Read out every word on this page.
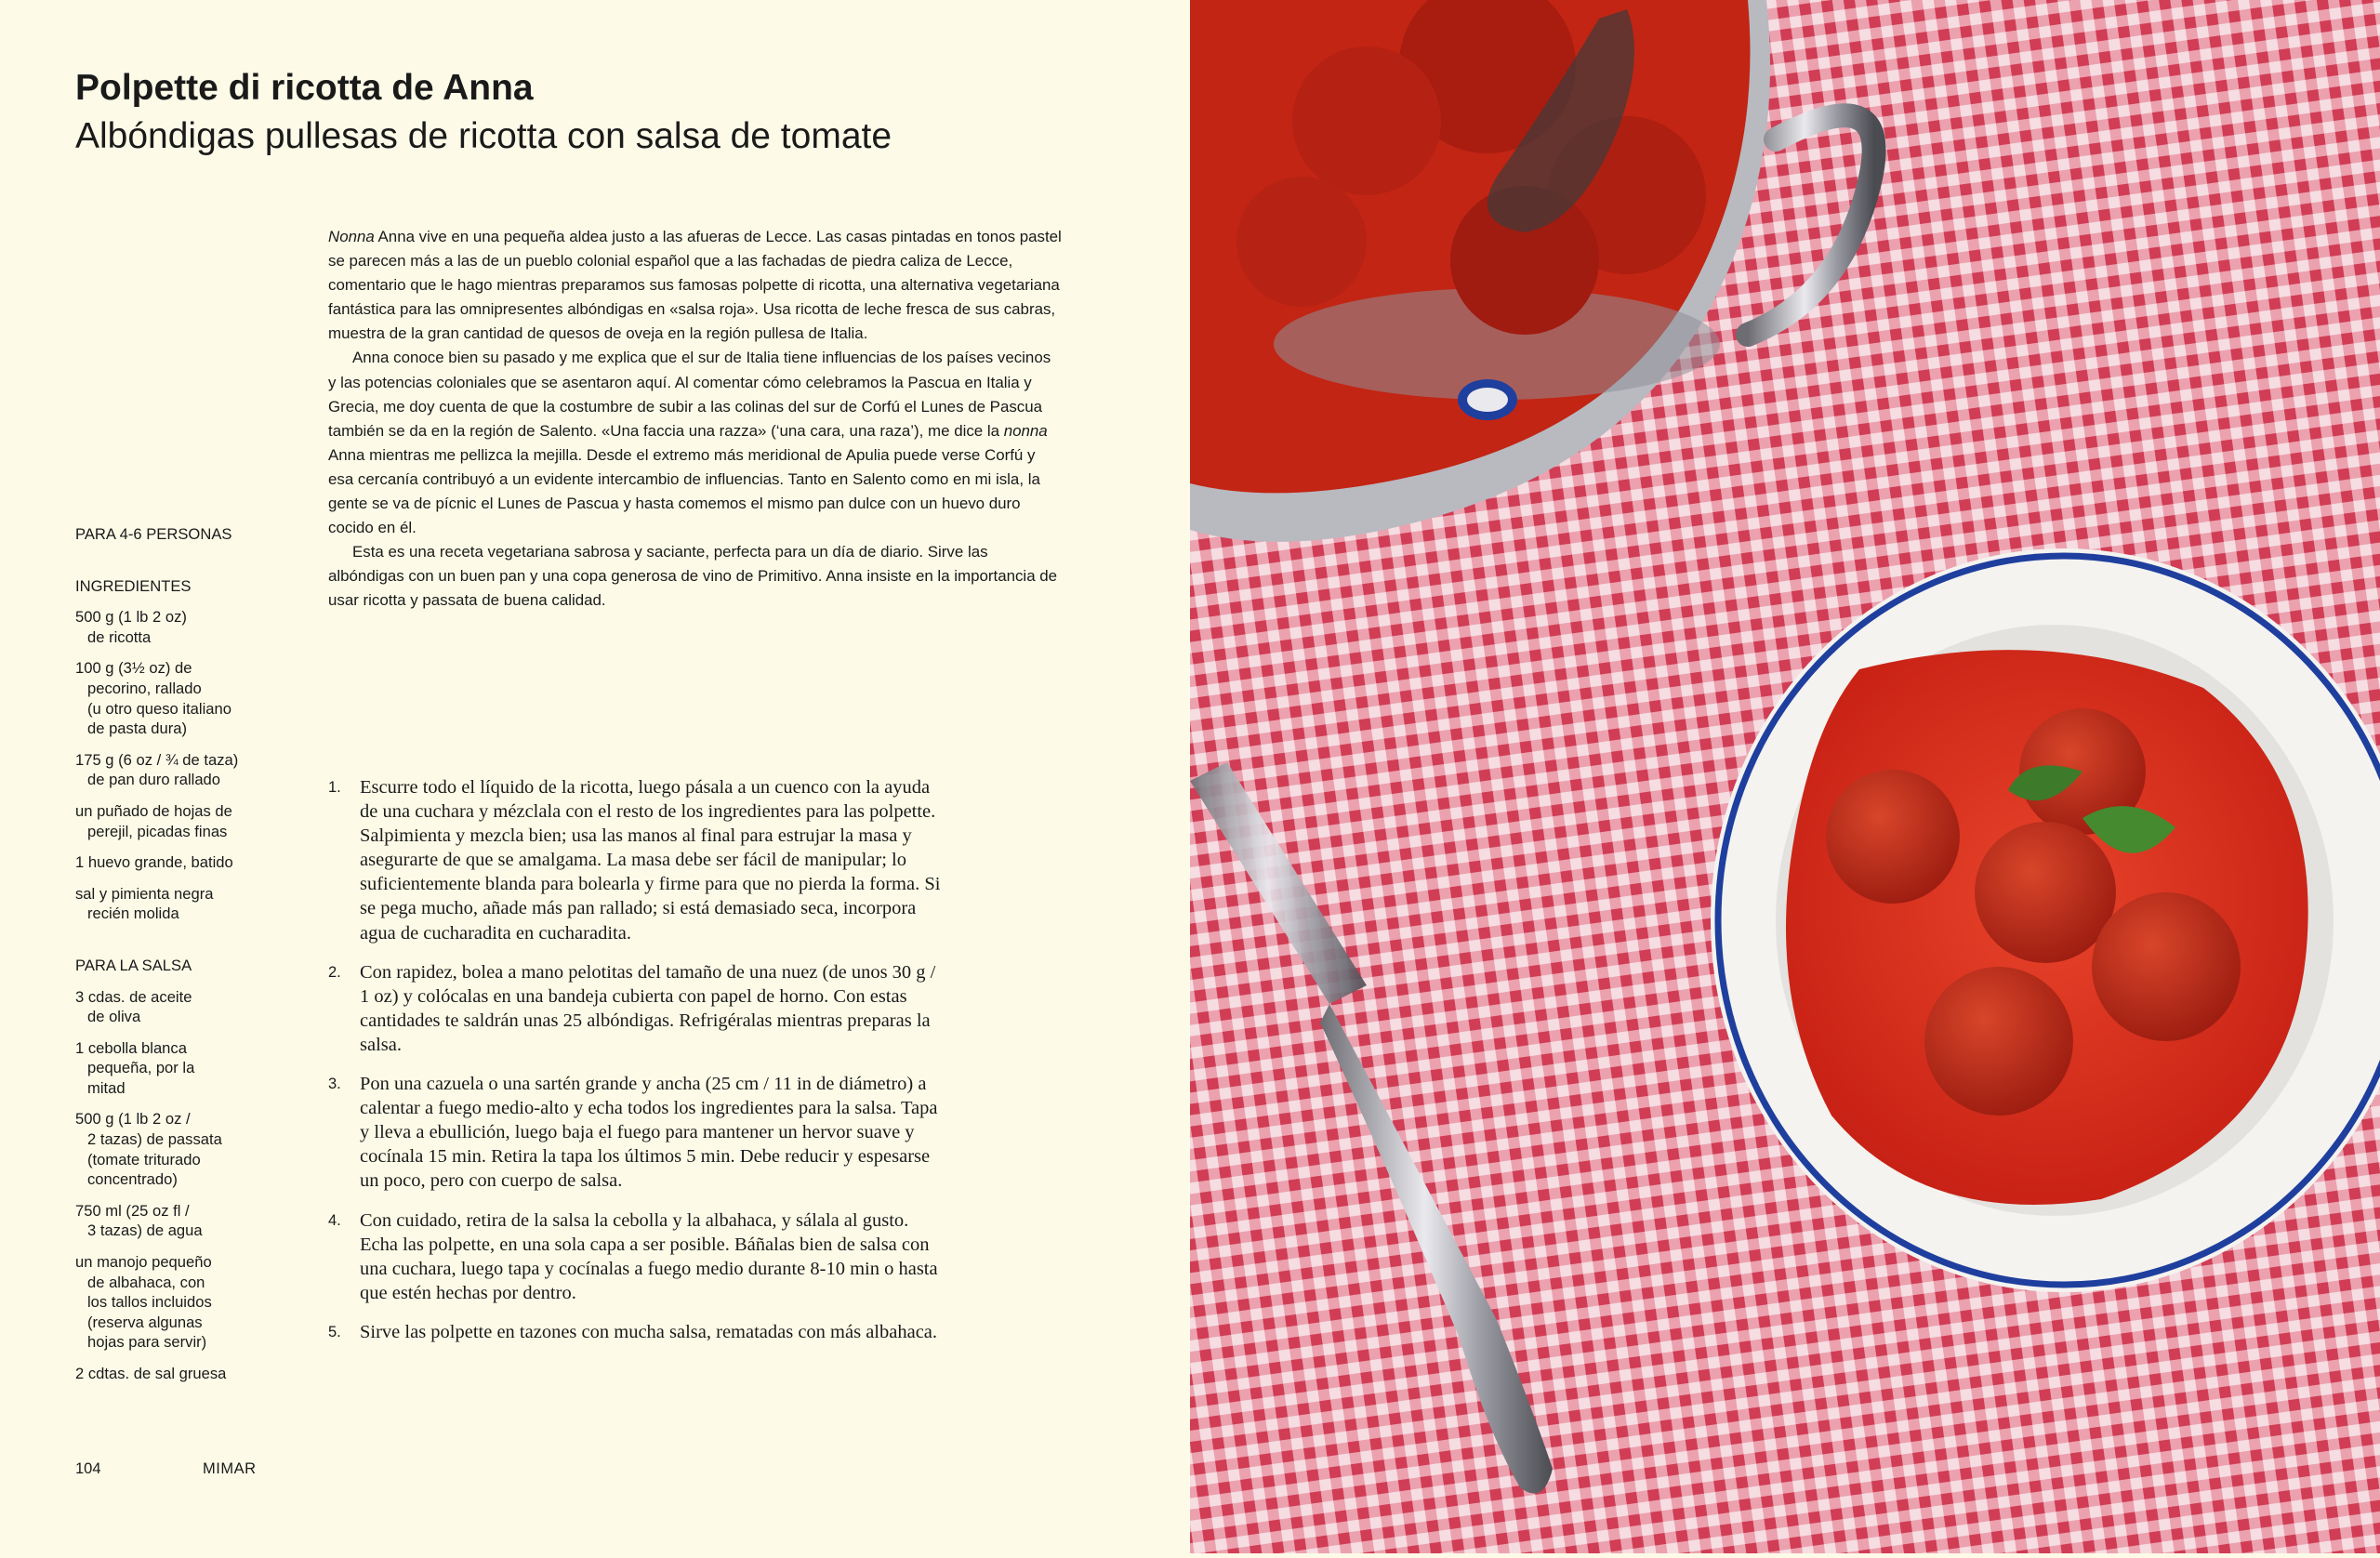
Polpette di ricotta de Anna
Albóndigas pullesas de ricotta con salsa de tomate

Nonna Anna vive en una pequeña aldea justo a las afueras de Lecce. Las casas pintadas en tonos pastel se parecen más a las de un pueblo colonial español que a las fachadas de piedra caliza de Lecce, comentario que le hago mientras preparamos sus famosas polpette di ricotta, una alternativa vegetariana fantástica para las omnipresentes albóndigas en «salsa roja». Usa ricotta de leche fresca de sus cabras, muestra de la gran cantidad de quesos de oveja en la región pullesa de Italia.

Anna conoce bien su pasado y me explica que el sur de Italia tiene influencias de los países vecinos y las potencias coloniales que se asentaron aquí. Al comentar cómo celebramos la Pascua en Italia y Grecia, me doy cuenta de que la costumbre de subir a las colinas del sur de Corfú el Lunes de Pascua también se da en la región de Salento. «Una faccia una razza» (‘una cara, una raza’), me dice la nonna Anna mientras me pellizca la mejilla. Desde el extremo más meridional de Apulia puede verse Corfú y esa cercanía contribuyó a un evidente intercambio de influencias. Tanto en Salento como en mi isla, la gente se va de pícnic el Lunes de Pascua y hasta comemos el mismo pan dulce con un huevo duro cocido en él.

Esta es una receta vegetariana sabrosa y saciante, perfecta para un día de diario. Sirve las albóndigas con un buen pan y una copa generosa de vino de Primitivo. Anna insiste en la importancia de usar ricotta y passata de buena calidad.

PARA 4-6 PERSONAS
INGREDIENTES
500 g (1 lb 2 oz)
de ricotta
100 g (3½ oz) de
pecorino, rallado
(u otro queso italiano
de pasta dura)
175 g (6 oz / ¾ de taza)
de pan duro rallado
un puñado de hojas de
perejil, picadas finas
1 huevo grande, batido
sal y pimienta negra
recién molida
PARA LA SALSA
3 cdas. de aceite
de oliva
1 cebolla blanca
pequeña, por la
mitad
500 g (1 lb 2 oz /
2 tazas) de passata
(tomate triturado
concentrado)
750 ml (25 oz fl /
3 tazas) de agua
un manojo pequeño
de albahaca, con
los tallos incluidos
(reserva algunas
hojas para servir)
2 cdtas. de sal gruesa
1. Escurre todo el líquido de la ricotta, luego pásala a un cuenco con la ayuda de una cuchara y mézclala con el resto de los ingredientes para las polpette. Salpimienta y mezcla bien; usa las manos al final para estrujar la masa y asegurarte de que se amalgama. La masa debe ser fácil de manipular; lo suficientemente blanda para bolearla y firme para que no pierda la forma. Si se pega mucho, añade más pan rallado; si está demasiado seca, incorpora agua de cucharadita en cucharadita.
2. Con rapidez, bolea a mano pelotitas del tamaño de una nuez (de unos 30 g / 1 oz) y colócalas en una bandeja cubierta con papel de horno. Con estas cantidades te saldrán unas 25 albóndigas. Refrigéralas mientras preparas la salsa.
3. Pon una cazuela o una sartén grande y ancha (25 cm / 11 in de diámetro) a calentar a fuego medio-alto y echa todos los ingredientes para la salsa. Tapa y lleva a ebullición, luego baja el fuego para mantener un hervor suave y cocínala 15 min. Retira la tapa los últimos 5 min. Debe reducir y espesarse un poco, pero con cuerpo de salsa.
4. Con cuidado, retira de la salsa la cebolla y la albahaca, y sálala al gusto. Echa las polpette, en una sola capa a ser posible. Báñalas bien de salsa con una cuchara, luego tapa y cocínalas a fuego medio durante 8-10 min o hasta que estén hechas por dentro.
5. Sirve las polpette en tazones con mucha salsa, rematadas con más albahaca.
104	MIMAR
